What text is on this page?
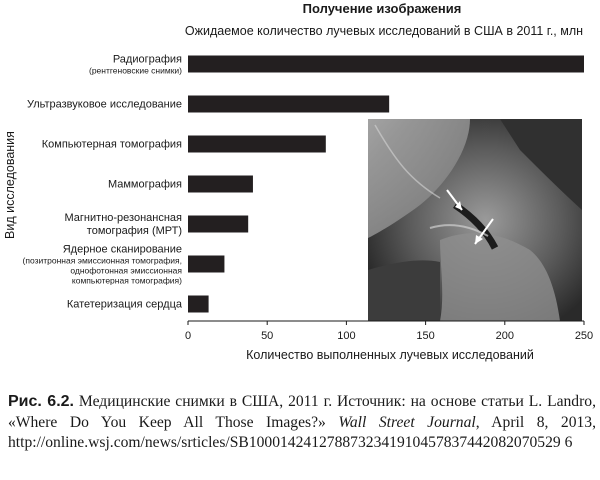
Получение изображения
Ожидаемое количество лучевых исследований в США в 2011 г., млн
Радиография
(рентгеновские снимки)
Ультразвуковое исследование
Компьютерная томография
Маммография
Магнитно-резонансная
томография (МРТ)
Ядерное сканирование
(позитронная эмиссионная томография,
однофотонная эмиссионная
компьютерная томография)
Катетеризация сердца
0	50	100	150	200	250
Количество выполненных лучевых исследований
Вид исследования
Рис. 6.2. Медицинские снимки в США, 2011 г. Источник: на основе статьи L. Landro, «Where Do You Keep All Those Images?» Wall Street Journal, April 8, 2013, http://online.wsj.com/news/srticles/SB1000142412788732341910457837442082070529 6
